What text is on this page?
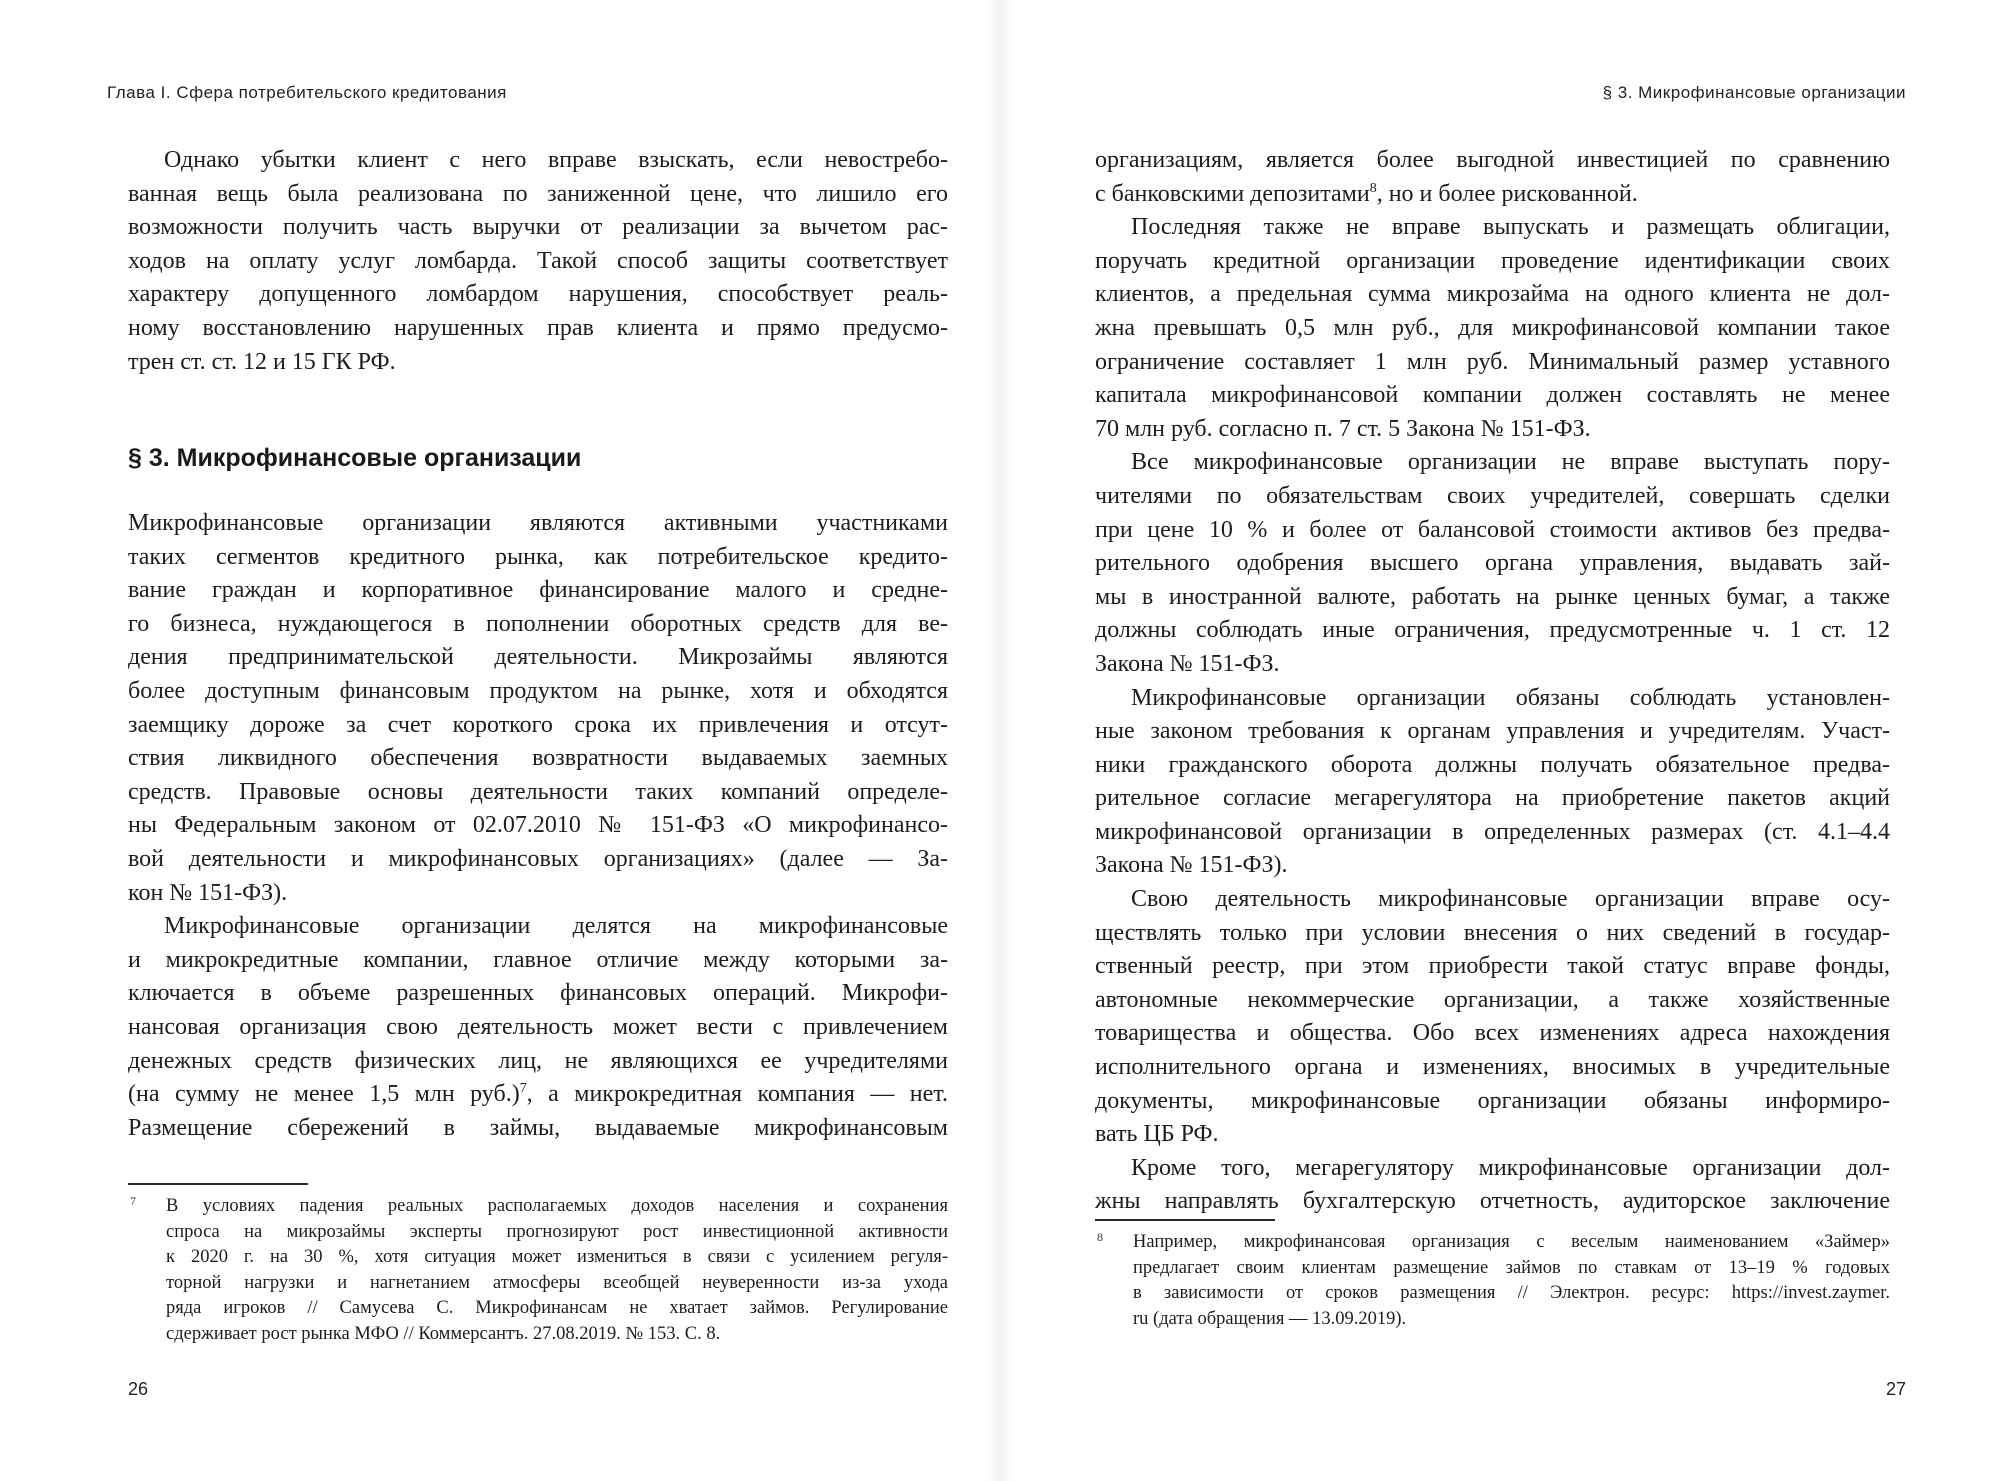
Глава I. Сфера потребительского кредитования

Однако убытки клиент с него вправе взыскать, если невостребо-

ванная вещь была реализована по заниженной цене, что лишило его

возможности получить часть выручки от реализации за вычетом рас-

ходов на оплату услуг ломбарда. Такой способ защиты соответствует

характеру допущенного ломбардом нарушения, способствует реаль-

ному восстановлению нарушенных прав клиента и прямо предусмо-

трен ст. ст. 12 и 15 ГК РФ.

§ 3. Микрофинансовые организации

Микрофинансовые организации являются активными участниками

таких сегментов кредитного рынка, как потребительское кредито-

вание граждан и корпоративное финансирование малого и средне-

го бизнеса, нуждающегося в пополнении оборотных средств для ве-

дения предпринимательской деятельности. Микрозаймы являются

более доступным финансовым продуктом на рынке, хотя и обходятся

заемщику дороже за счет короткого срока их привлечения и отсут-

ствия ликвидного обеспечения возвратности выдаваемых заемных

средств. Правовые основы деятельности таких компаний определе-

ны Федеральным законом от 02.07.2010 № 151-ФЗ «О микрофинансо-

вой деятельности и микрофинансовых организациях» (далее — За-

кон № 151-ФЗ).

Микрофинансовые организации делятся на микрофинансовые

и микрокредитные компании, главное отличие между которыми за-

ключается в объеме разрешенных финансовых операций. Микрофи-

нансовая организация свою деятельность может вести с привлечением

денежных средств физических лиц, не являющихся ее учредителями

(на сумму не менее 1,5 млн руб.)$^7$, а микрокредитная компания — нет.

Размещение сбережений в займы, выдаваемые микрофинансовым

7 В условиях падения реальных располагаемых доходов населения и сохранения

спроса на микрозаймы эксперты прогнозируют рост инвестиционной активности

к 2020 г. на 30 %, хотя ситуация может измениться в связи с усилением регуля-

торной нагрузки и нагнетанием атмосферы всеобщей неуверенности из-за ухода

ряда игроков // Самусева С. Микрофинансам не хватает займов. Регулирование

сдерживает рост рынка МФО // Коммерсантъ. 27.08.2019. № 153. С. 8.

26

§ 3. Микрофинансовые организации

организациям, является более выгодной инвестицией по сравнению

с банковскими депозитами$^8$, но и более рискованной.

Последняя также не вправе выпускать и размещать облигации,

поручать кредитной организации проведение идентификации своих

клиентов, а предельная сумма микрозайма на одного клиента не дол-

жна превышать 0,5 млн руб., для микрофинансовой компании такое

ограничение составляет 1 млн руб. Минимальный размер уставного

капитала микрофинансовой компании должен составлять не менее

70 млн руб. согласно п. 7 ст. 5 Закона № 151-ФЗ.

Все микрофинансовые организации не вправе выступать пору-

чителями по обязательствам своих учредителей, совершать сделки

при цене 10 % и более от балансовой стоимости активов без предва-

рительного одобрения высшего органа управления, выдавать зай-

мы в иностранной валюте, работать на рынке ценных бумаг, а также

должны соблюдать иные ограничения, предусмотренные ч. 1 ст. 12

Закона № 151-ФЗ.

Микрофинансовые организации обязаны соблюдать установлен-

ные законом требования к органам управления и учредителям. Участ-

ники гражданского оборота должны получать обязательное предва-

рительное согласие мегарегулятора на приобретение пакетов акций

микрофинансовой организации в определенных размерах (ст. 4.1–4.4

Закона № 151-ФЗ).

Свою деятельность микрофинансовые организации вправе осу-

ществлять только при условии внесения о них сведений в государ-

ственный реестр, при этом приобрести такой статус вправе фонды,

автономные некоммерческие организации, а также хозяйственные

товарищества и общества. Обо всех изменениях адреса нахождения

исполнительного органа и изменениях, вносимых в учредительные

документы, микрофинансовые организации обязаны информиро-

вать ЦБ РФ.

Кроме того, мегарегулятору микрофинансовые организации дол-

жны направлять бухгалтерскую отчетность, аудиторское заключение

8 Например, микрофинансовая организация с веселым наименованием «Займер»

предлагает своим клиентам размещение займов по ставкам от 13–19 % годовых

в зависимости от сроков размещения // Электрон. ресурс: https://invest.zaymer.

ru (дата обращения — 13.09.2019).

27
